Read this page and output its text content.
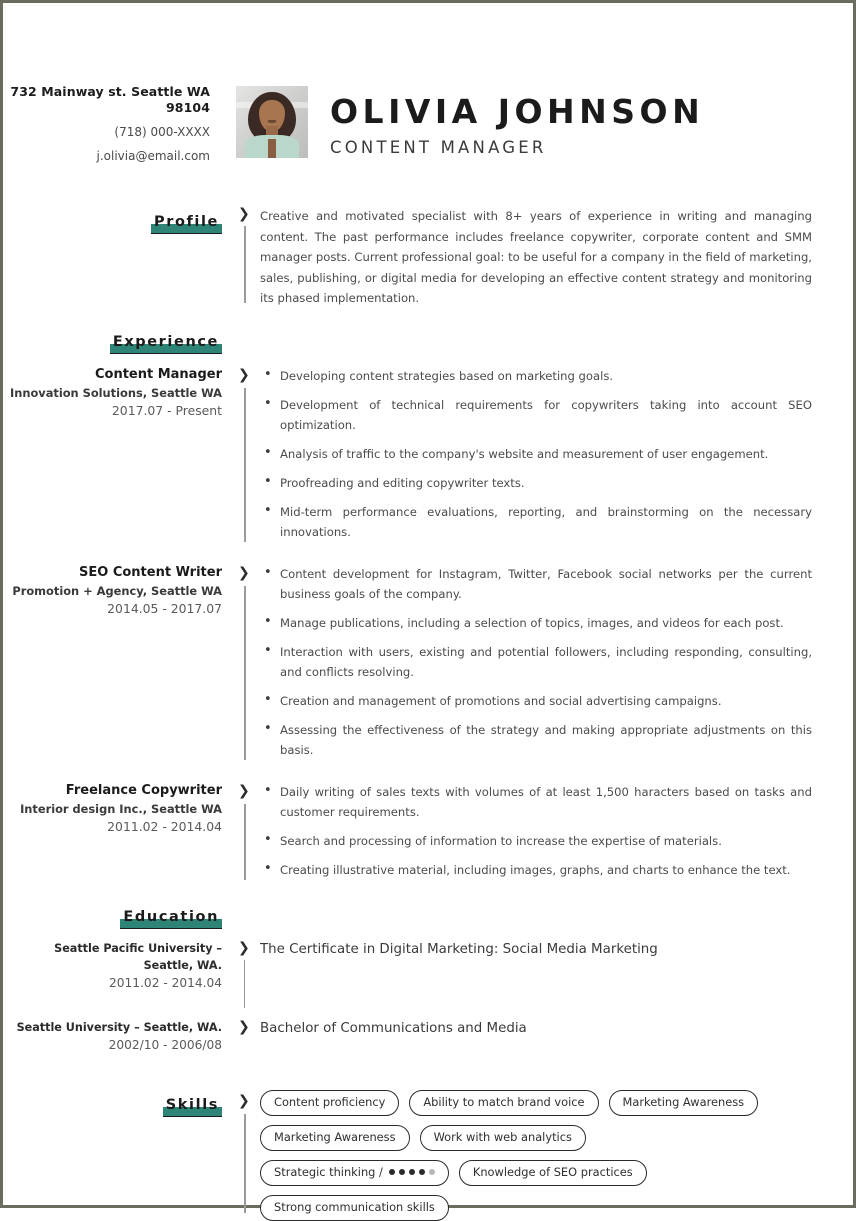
732 Mainway st. Seattle WA 98104
(718) 000-XXXX
j.olivia@email.com
OLIVIA JOHNSON
CONTENT MANAGER
Profile	❯ Creative and motivated specialist with 8+ years of experience in writing and managing content. The past performance includes freelance copywriter, corporate content and SMM manager posts. Current professional goal: to be useful for a company in the field of marketing, sales, publishing, or digital media for developing an effective content strategy and monitoring its phased implementation.

Experience
Content Manager
Innovation Solutions, Seattle WA
2017.07 - Present
❯	• Developing content strategies based on marketing goals.
• Development of technical requirements for copywriters taking into account SEO optimization.
• Analysis of traffic to the company's website and measurement of user engagement.
• Proofreading and editing copywriter texts.
• Mid-term performance evaluations, reporting, and brainstorming on the necessary innovations.
SEO Content Writer
Promotion + Agency, Seattle WA
2014.05 - 2017.07
❯	• Content development for Instagram, Twitter, Facebook social networks per the current business goals of the company.
• Manage publications, including a selection of topics, images, and videos for each post.
• Interaction with users, existing and potential followers, including responding, consulting, and conflicts resolving.
• Creation and management of promotions and social advertising campaigns.
• Assessing the effectiveness of the strategy and making appropriate adjustments on this basis.
Freelance Copywriter
Interior design Inc., Seattle WA
2011.02 - 2014.04
❯	• Daily writing of sales texts with volumes of at least 1,500 haracters based on tasks and customer requirements.
• Search and processing of information to increase the expertise of materials.
• Creating illustrative material, including images, graphs, and charts to enhance the text.
Education
Seattle Pacific University – Seattle, WA.
2011.02 - 2014.04
❯ The Certificate in Digital Marketing: Social Media Marketing
Seattle University – Seattle, WA.
2002/10 - 2006/08
❯ Bachelor of Communications and Media
Skills	❯ Content proficiency	Ability to match brand voice	Marketing Awareness
Marketing Awareness	Work with web analytics
Strategic thinking /	Knowledge of SEO practices
Strong communication skills
